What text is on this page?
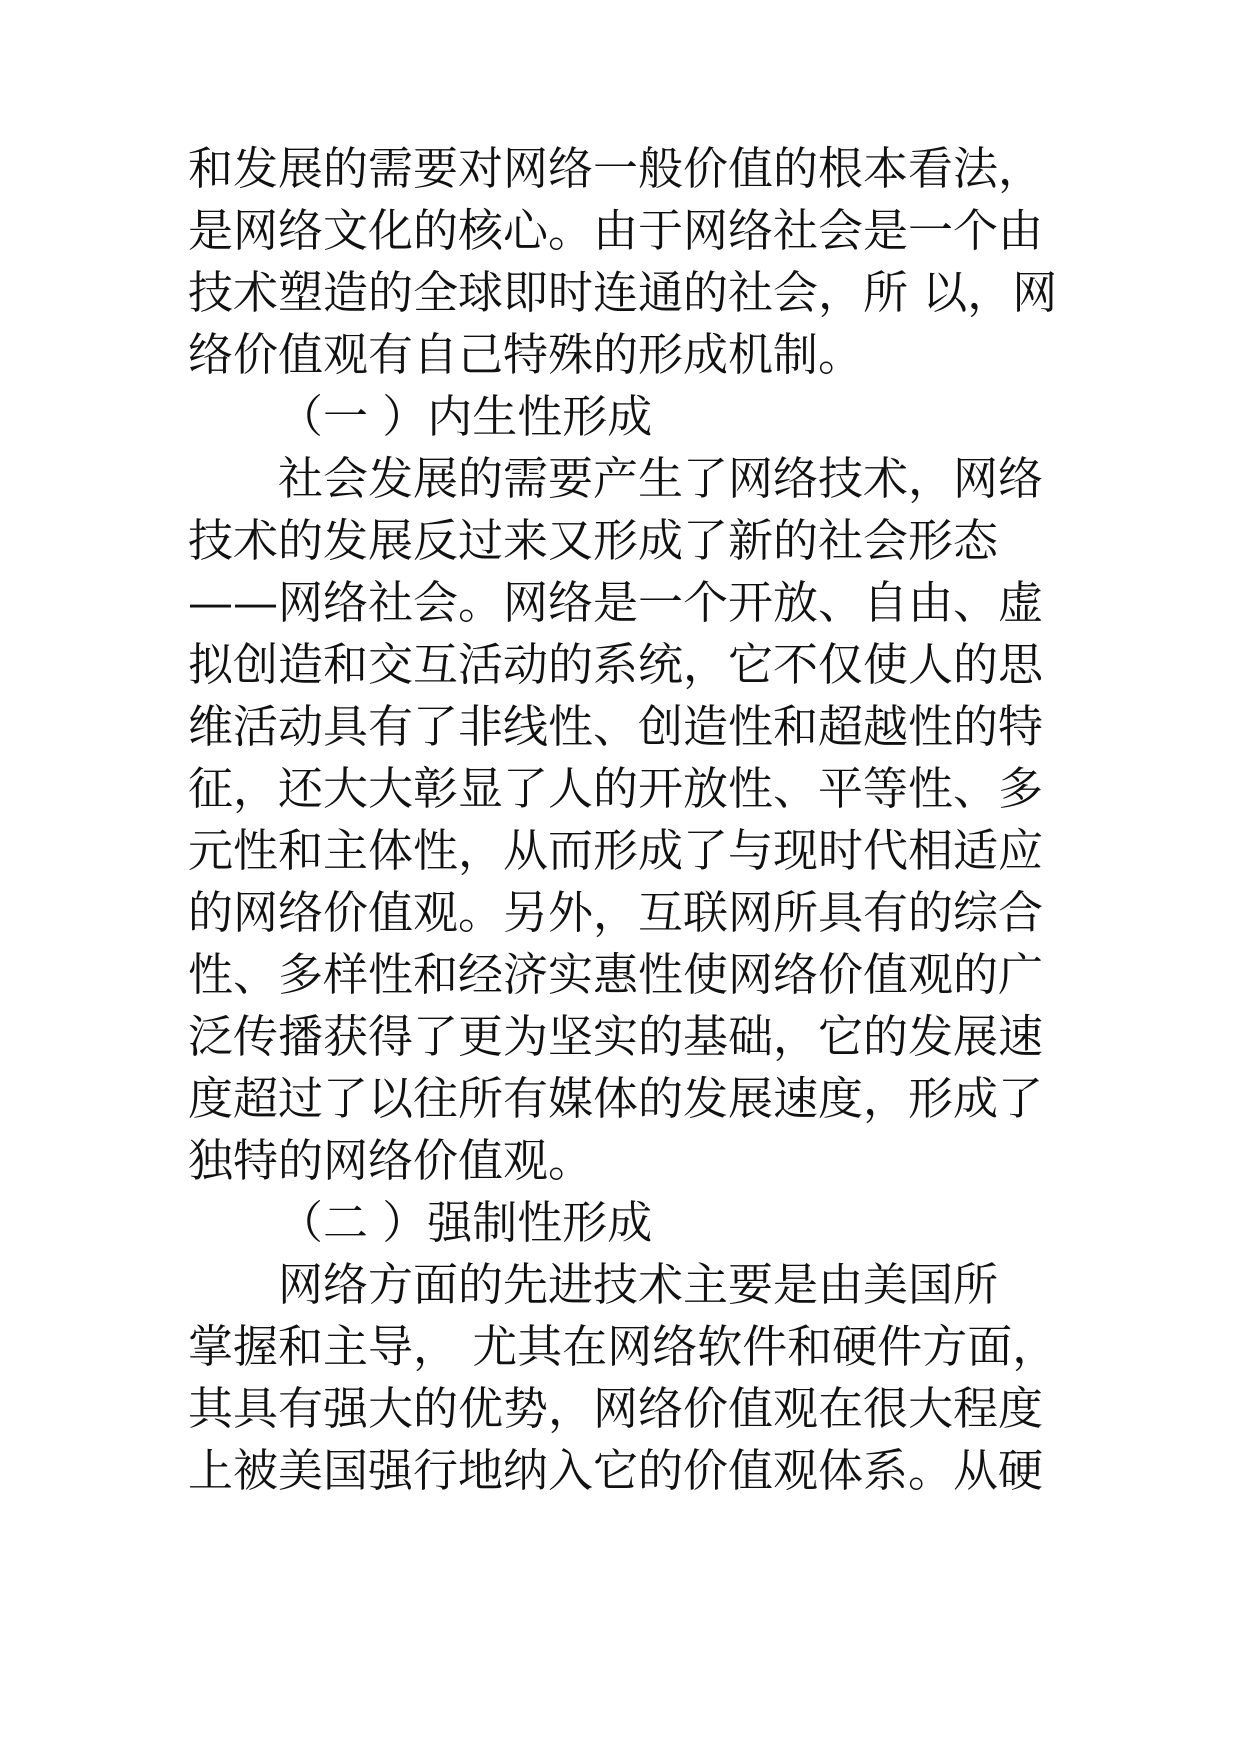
和发展的需要对网络一般价值的根本看法，
是网络文化的核心。由于网络社会是一个由
技术塑造的全球即时连通的社会，所 以，网
络价值观有自己特殊的形成机制。
（一 ）内生性形成
社会发展的需要产生了网络技术，网络
技术的发展反过来又形成了新的社会形态
——网络社会。网络是一个开放、自由、虚
拟创造和交互活动的系统，它不仅使人的思
维活动具有了非线性、创造性和超越性的特
征，还大大彰显了人的开放性、平等性、多
元性和主体性，从而形成了与现时代相适应
的网络价值观。另外，互联网所具有的综合
性、多样性和经济实惠性使网络价值观的广
泛传播获得了更为坚实的基础，它的发展速
度超过了以往所有媒体的发展速度，形成了
独特的网络价值观。
（二 ）强制性形成
网络方面的先进技术主要是由美国所
掌握和主导， 尤其在网络软件和硬件方面，
其具有强大的优势，网络价值观在很大程度
上被美国强行地纳入它的价值观体系。从硬
